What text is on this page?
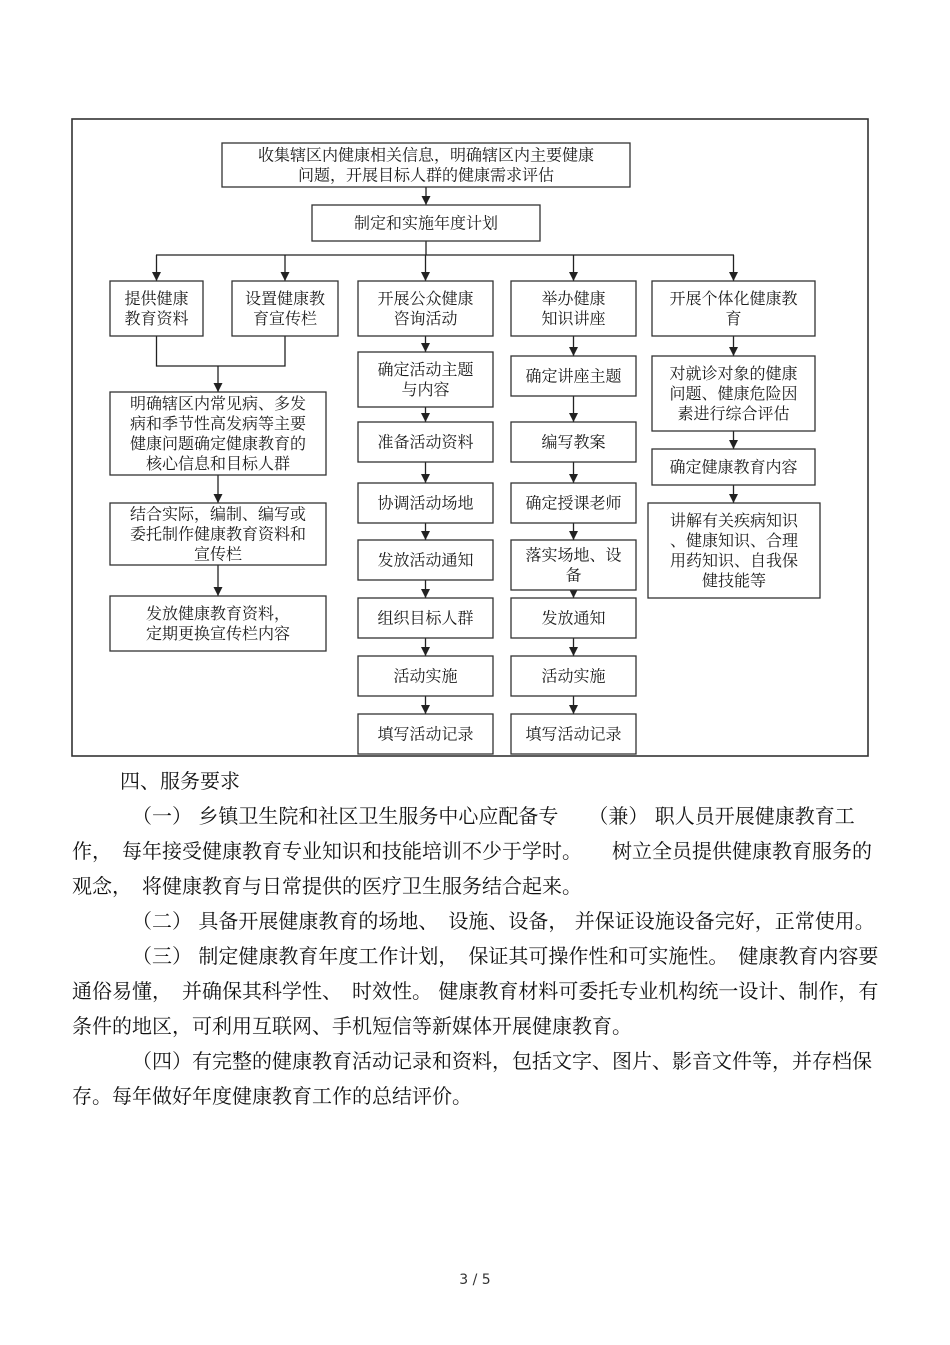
收集辖区内健康相关信息，明确辖区内主要健康
问题，开展目标人群的健康需求评估
制定和实施年度计划
提供健康
教育资料
设置健康教
育宣传栏
开展公众健康
咨询活动
举办健康
知识讲座
开展个体化健康教
育
明确辖区内常见病、多发
病和季节性高发病等主要
健康问题确定健康教育的
核心信息和目标人群
结合实际，编制、编写或
委托制作健康教育资料和
宣传栏
发放健康教育资料，
定期更换宣传栏内容
确定活动主题
与内容
准备活动资料
协调活动场地
发放活动通知
组织目标人群
活动实施
填写活动记录
确定讲座主题
编写教案
确定授课老师
落实场地、设
备
发放通知
活动实施
填写活动记录
对就诊对象的健康
问题、健康危险因
素进行综合评估
确定健康教育内容
讲解有关疾病知识
、健康知识、合理
用药知识、自我保
健技能等

四、服务要求

（一） 乡镇卫生院和社区卫生服务中心应配备专　　（兼） 职人员开展健康教育工作，　每年接受健康教育专业知识和技能培训不少于学时。　　树立全员提供健康教育服务的观念，　将健康教育与日常提供的医疗卫生服务结合起来。

（二） 具备开展健康教育的场地、　设施、设备， 并保证设施设备完好，正常使用。

（三） 制定健康教育年度工作计划，　保证其可操作性和可实施性。　健康教育内容要通俗易懂，　并确保其科学性、　时效性。 健康教育材料可委托专业机构统一设计、制作，有条件的地区，可利用互联网、手机短信等新媒体开展健康教育。

（四）有完整的健康教育活动记录和资料，包括文字、图片、影音文件等，并存档保存。每年做好年度健康教育工作的总结评价。

3 / 5
